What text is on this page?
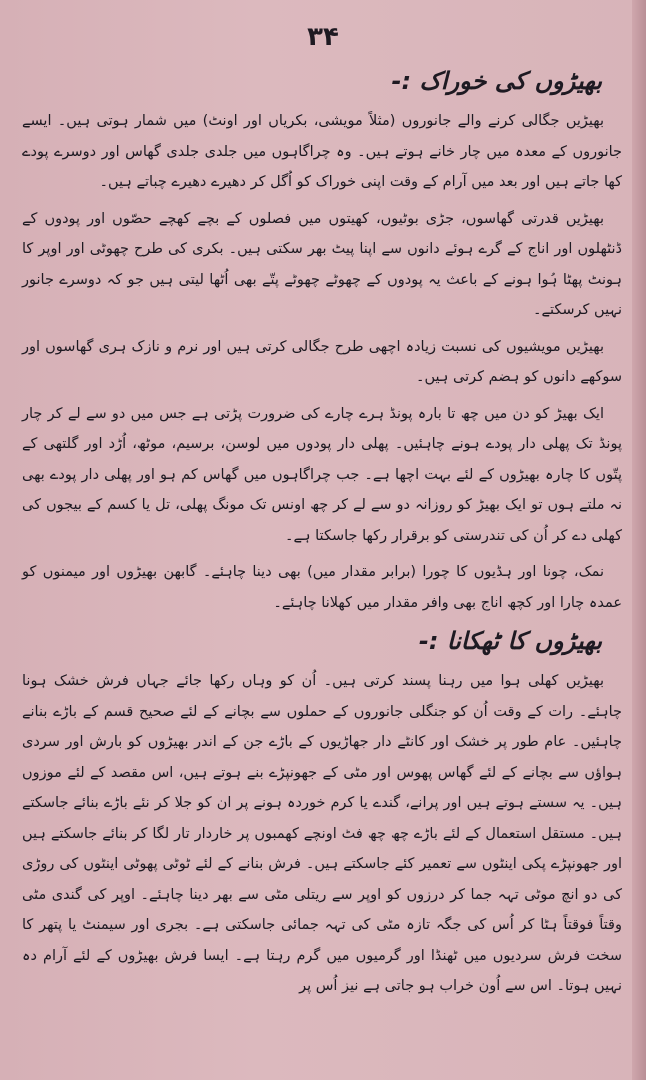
۳۴
بھیڑوں کی خوراک :-

بھیڑیں جگالی کرنے والے جانوروں (مثلاً مویشی، بکریاں اور اونٹ) میں شمار ہوتی ہیں۔ ایسے جانوروں کے معدہ میں چار خانے ہوتے ہیں۔ وہ چراگاہوں میں جلدی جلدی گھاس اور دوسرے پودے کھا جاتے ہیں اور بعد میں آرام کے وقت اپنی خوراک کو اُگل کر دھیرے دھیرے چباتے ہیں۔

بھیڑیں قدرتی گھاسوں، جڑی بوٹیوں، کھیتوں میں فصلوں کے بچے کھچے حصّوں اور پودوں کے ڈنٹھلوں اور اناج کے گرے ہوئے دانوں سے اپنا پیٹ بھر سکتی ہیں۔ بکری کی طرح چھوٹی اور اوپر کا ہونٹ پھٹا ہُوا ہونے کے باعث یہ پودوں کے چھوٹے چھوٹے پتّے بھی اُٹھا لیتی ہیں جو کہ دوسرے جانور نہیں کرسکتے۔

بھیڑیں مویشیوں کی نسبت زیادہ اچھی طرح جگالی کرتی ہیں اور نرم و نازک ہری گھاسوں اور سوکھے دانوں کو ہضم کرتی ہیں۔

ایک بھیڑ کو دن میں چھ تا بارہ پونڈ ہرے چارے کی ضرورت پڑتی ہے جس میں دو سے لے کر چار پونڈ تک پھلی دار پودے ہونے چاہئیں۔ پھلی دار پودوں میں لوسن، برسیم، موٹھ، اُڑد اور گلتھی کے پتّوں کا چارہ بھیڑوں کے لئے بہت اچھا ہے۔ جب چراگاہوں میں گھاس کم ہو اور پھلی دار پودے بھی نہ ملتے ہوں تو ایک بھیڑ کو روزانہ دو سے لے کر چھ اونس تک مونگ پھلی، تل یا کسم کے بیجوں کی کھلی دے کر اُن کی تندرستی کو برقرار رکھا جاسکتا ہے۔

نمک، چونا اور ہڈیوں کا چورا (برابر مقدار میں) بھی دینا چاہئے۔ گابھن بھیڑوں اور میمنوں کو عمدہ چارا اور کچھ اناج بھی وافر مقدار میں کھلانا چاہئے۔

بھیڑوں کا ٹھکانا :-

بھیڑیں کھلی ہوا میں رہنا پسند کرتی ہیں۔ اُن کو وہاں رکھا جائے جہاں فرش خشک ہونا چاہئے۔ رات کے وقت اُن کو جنگلی جانوروں کے حملوں سے بچانے کے لئے صحیح قسم کے باڑے بنانے چاہئیں۔ عام طور پر خشک اور کانٹے دار جھاڑیوں کے باڑے جن کے اندر بھیڑوں کو بارش اور سردی ہواؤں سے بچانے کے لئے گھاس پھوس اور مٹی کے جھونپڑے بنے ہوتے ہیں، اس مقصد کے لئے موزوں ہیں۔ یہ سستے ہوتے ہیں اور پرانے، گندے یا کرم خوردہ ہونے پر ان کو جلا کر نئے باڑے بنائے جاسکتے ہیں۔ مستقل استعمال کے لئے باڑے چھ چھ فٹ اونچے کھمبوں پر خاردار تار لگا کر بنائے جاسکتے ہیں اور جھونپڑے پکی اینٹوں سے تعمیر کئے جاسکتے ہیں۔ فرش بنانے کے لئے ٹوٹی پھوٹی اینٹوں کی روڑی کی دو انچ موٹی تہہ جما کر درزوں کو اوپر سے ریتلی مٹی سے بھر دینا چاہئے۔ اوپر کی گندی مٹی وقتاً فوقتاً ہٹا کر اُس کی جگہ تازہ مٹی کی تہہ جمائی جاسکتی ہے۔ بجری اور سیمنٹ یا پتھر کا سخت فرش سردیوں میں ٹھنڈا اور گرمیوں میں گرم رہتا ہے۔ ایسا فرش بھیڑوں کے لئے آرام دہ نہیں ہوتا۔ اس سے اُون خراب ہو جاتی ہے نیز اُس پر
